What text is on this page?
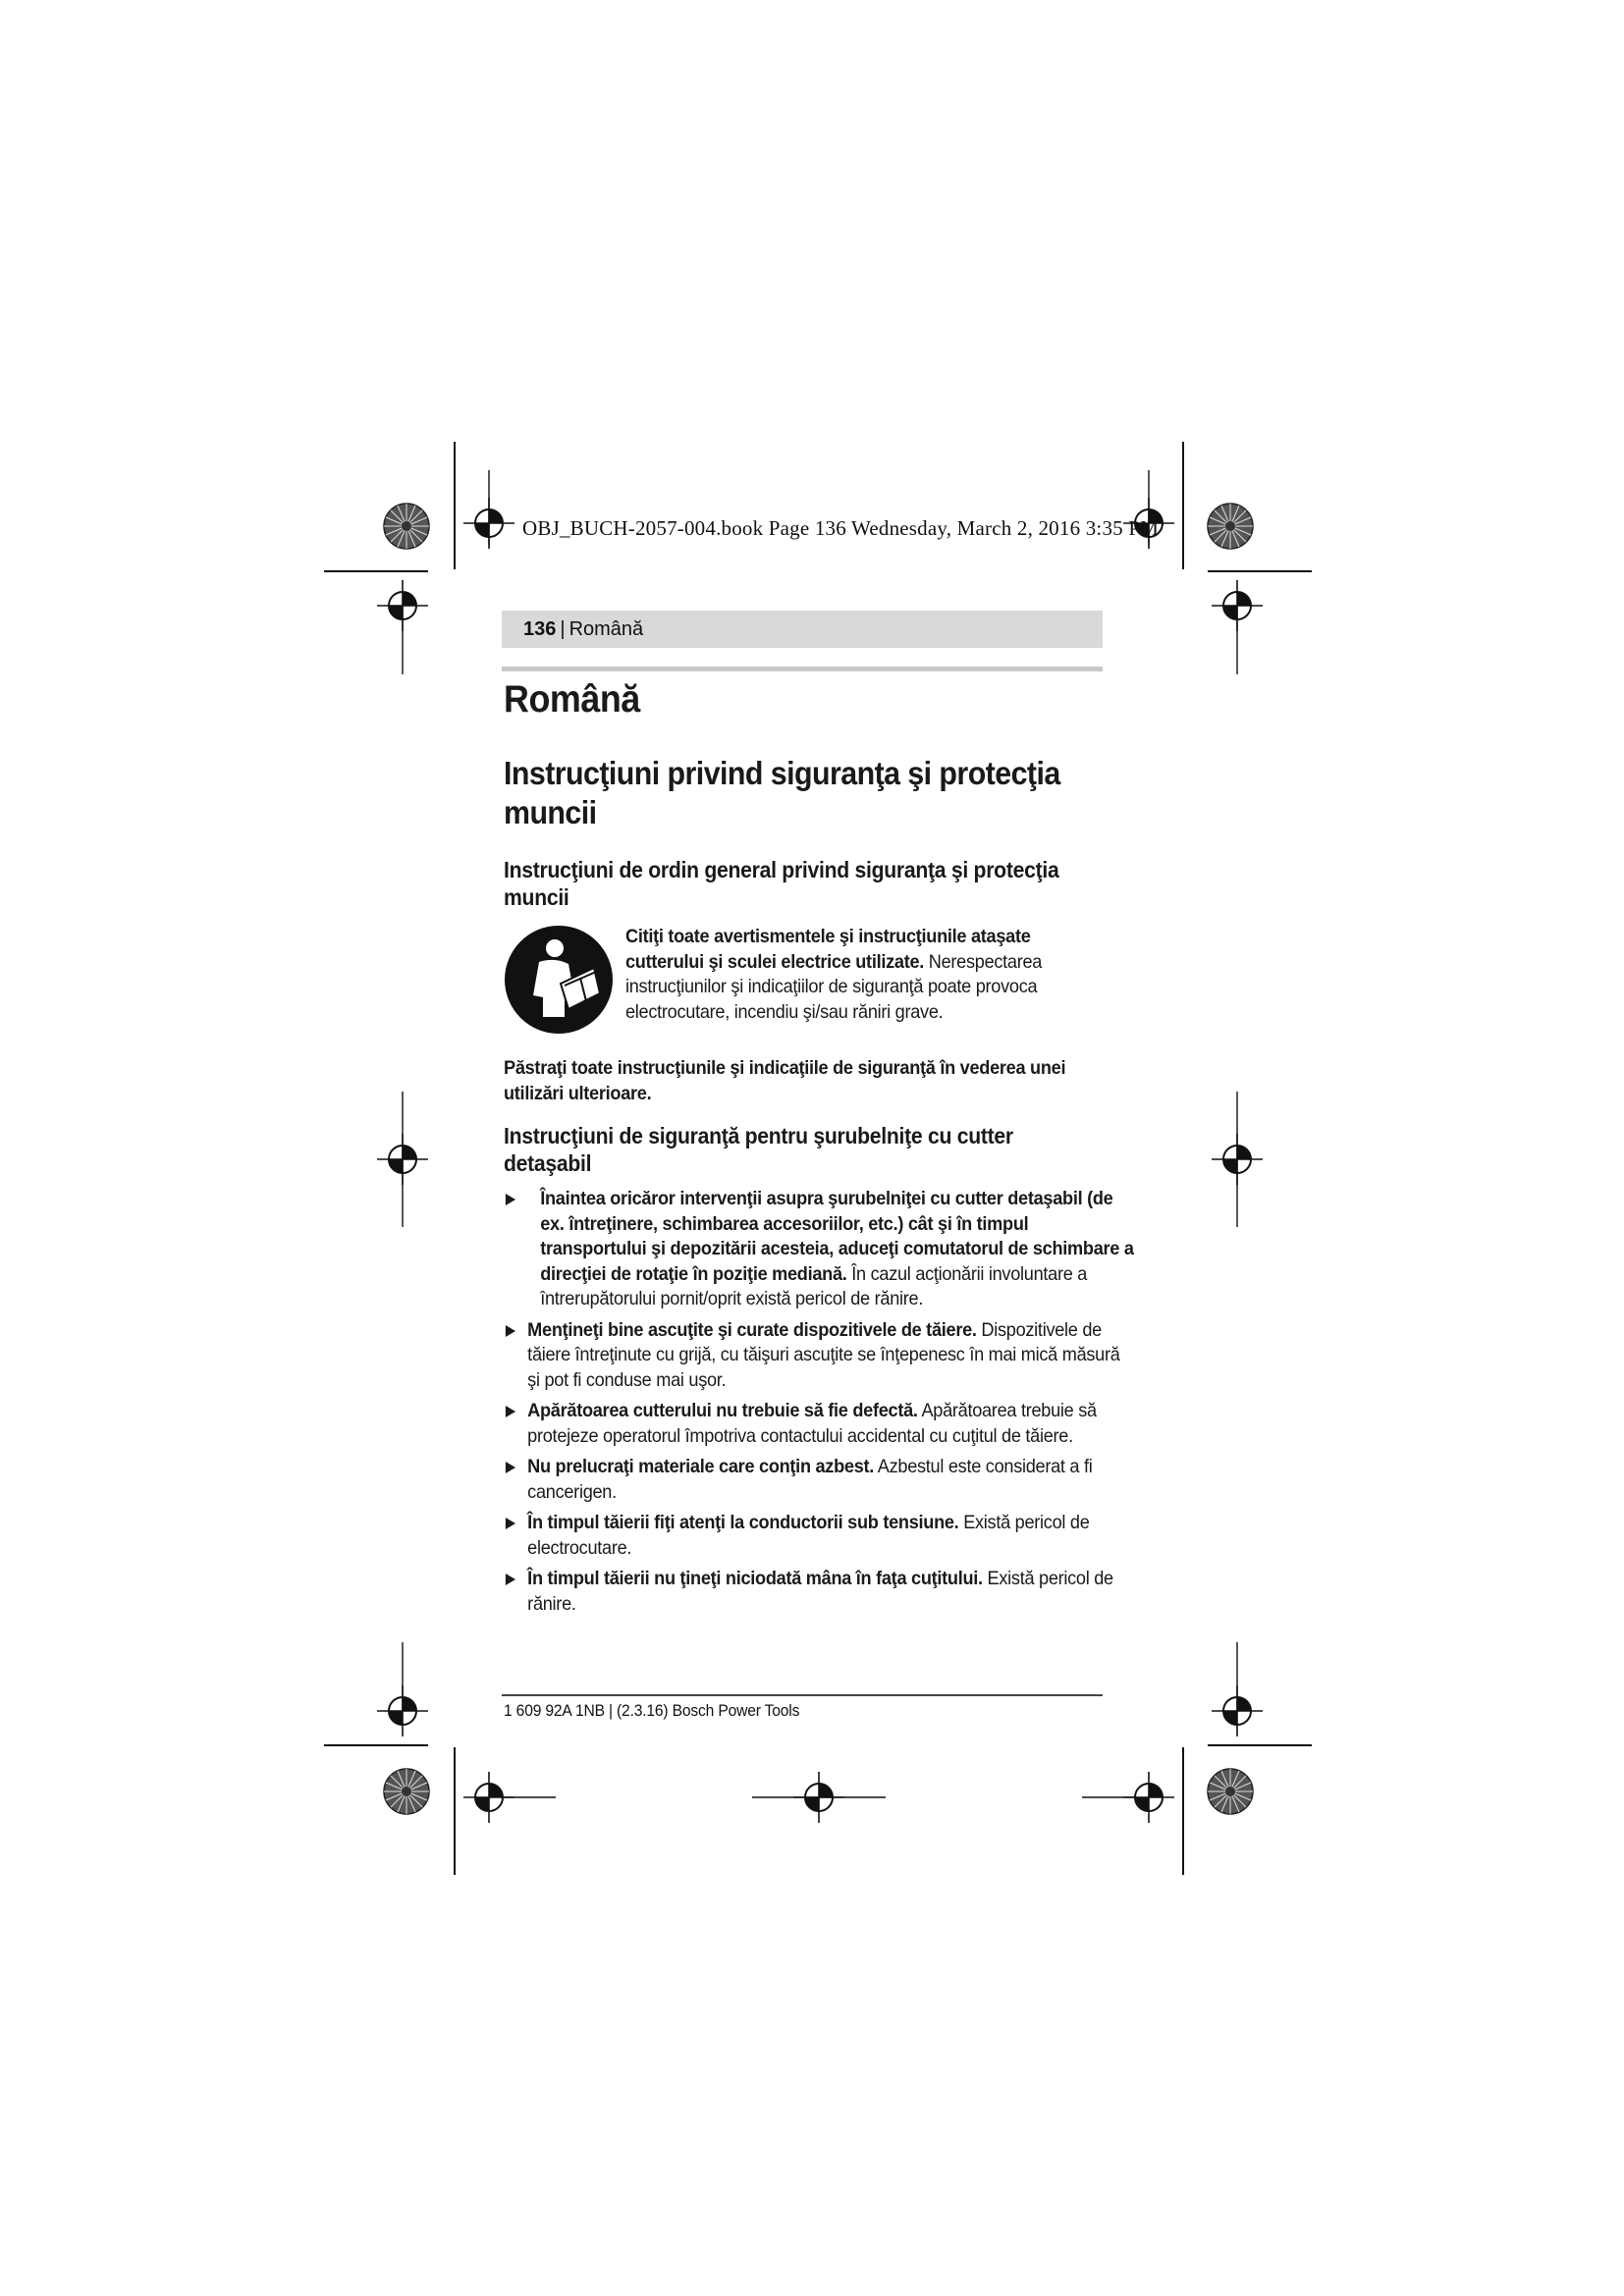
OBJ_BUCH-2057-004.book Page 136 Wednesday, March 2, 2016 3:35 PM
136 | Română
Română
Instrucţiuni privind siguranţa şi protecţia muncii
Instrucţiuni de ordin general privind siguranţa şi protecţia muncii
Citiţi toate avertismentele şi instrucţiunile ataşate cutterului şi sculei electrice utilizate. Nerespectarea instrucţiunilor şi indicaţiilor de siguranţă poate provoca electrocutare, incendiu şi/sau răniri grave.
Păstraţi toate instrucţiunile şi indicaţiile de siguranţă în vederea unei utilizări ulterioare.
Instrucţiuni de siguranţă pentru şurubelniţe cu cutter detaşabil
Înaintea oricăror intervenţii asupra şurubelniţei cu cutter detaşabil (de ex. întreţinere, schimbarea accesoriilor, etc.) cât şi în timpul transportului şi depozitării acesteia, aduceţi comutatorul de schimbare a direcţiei de rotaţie în poziţie mediană. În cazul acţionării involuntare a întrerupătorului pornit/oprit există pericol de rănire.
Menţineţi bine ascuţite şi curate dispozitivele de tăiere. Dispozitivele de tăiere întreţinute cu grijă, cu tăişuri ascuţite se înţepenesc în mai mică măsură şi pot fi conduse mai uşor.
Apărătoarea cutterului nu trebuie să fie defectă. Apărătoarea trebuie să protejeze operatorul împotriva contactului accidental cu cuţitul de tăiere.
Nu prelucraţi materiale care conţin azbest. Azbestul este considerat a fi cancerigen.
În timpul tăierii fiţi atenţi la conductorii sub tensiune. Există pericol de electrocutare.
În timpul tăierii nu ţineţi niciodată mâna în faţa cuţitului. Există pericol de rănire.
1 609 92A 1NB | (2.3.16) Bosch Power Tools
